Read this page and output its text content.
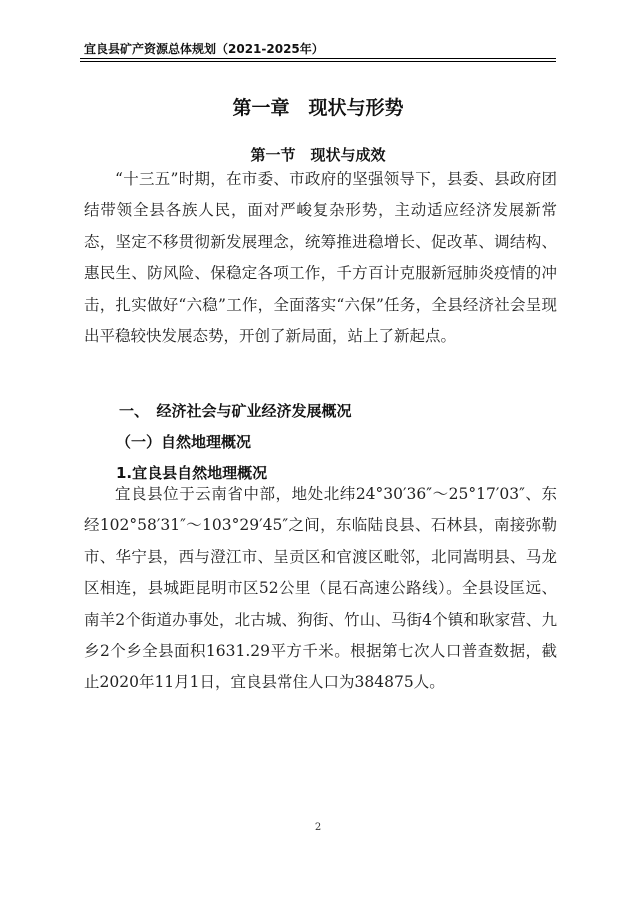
宜良县矿产资源总体规划（2021-2025年）
第一章　现状与形势
第一节　现状与成效

“十三五”时期，在市委、市政府的坚强领导下，县委、县政府团结带领全县各族人民，面对严峻复杂形势，主动适应经济发展新常态，坚定不移贯彻新发展理念，统筹推进稳增长、促改革、调结构、惠民生、防风险、保稳定各项工作，千方百计克服新冠肺炎疫情的冲击，扎实做好“六稳”工作，全面落实“六保”任务，全县经济社会呈现出平稳较快发展态势，开创了新局面，站上了新起点。

一、　经济社会与矿业经济发展概况
（一）自然地理概况
1.宜良县自然地理概况

宜良县位于云南省中部，地处北纬24°30′36″～25°17′03″、东经102°58′31″～103°29′45″之间，东临陆良县、石林县，南接弥勒市、华宁县，西与澄江市、呈贡区和官渡区毗邻，北同嵩明县、马龙区相连，县城距昆明市区52公里（昆石高速公路线）。全县设匡远、南羊2个街道办事处，北古城、狗街、竹山、马街4个镇和耿家营、九乡2个乡全县面积1631.29平方千米。根据第七次人口普查数据，截止2020年11月1日，宜良县常住人口为384875人。

2
